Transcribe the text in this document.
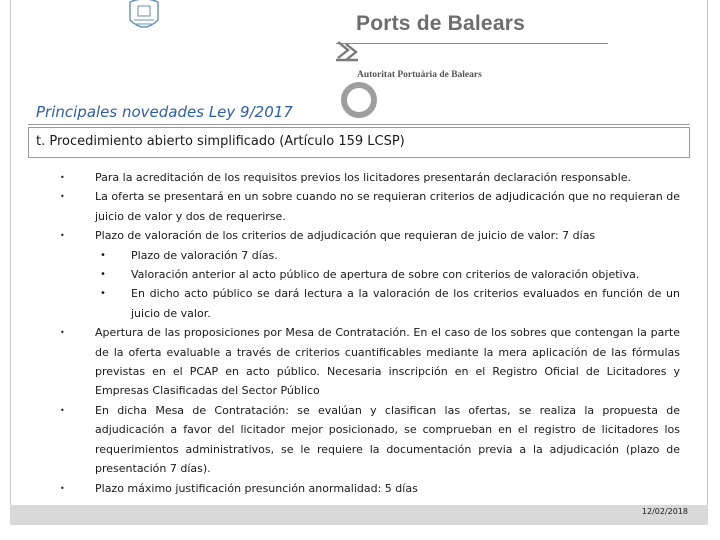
Ports de Balears
Autoritat Portuària de Balears
Principales novedades Ley 9/2017
t. Procedimiento abierto simplificado (Artículo 159 LCSP)
• Para la acreditación de los requisitos previos los licitadores presentarán declaración responsable.
• La oferta se presentará en un sobre cuando no se requieran criterios de adjudicación que no requieran de juicio de valor y dos de requerirse.
• Plazo de valoración de los criterios de adjudicación que requieran de juicio de valor: 7 días
• Plazo de valoración 7 días.
• Valoración anterior al acto público de apertura de sobre con criterios de valoración objetiva.
• En dicho acto público se dará lectura a la valoración de los criterios evaluados en función de un juicio de valor.
• Apertura de las proposiciones por Mesa de Contratación. En el caso de los sobres que contengan la parte de la oferta evaluable a través de criterios cuantificables mediante la mera aplicación de las fórmulas previstas en el PCAP en acto público. Necesaria inscripción en el Registro Oficial de Licitadores y Empresas Clasificadas del Sector Público
• En dicha Mesa de Contratación: se evalúan y clasifican las ofertas, se realiza la propuesta de adjudicación a favor del licitador mejor posicionado, se comprueban en el registro de licitadores los requerimientos administrativos, se le requiere la documentación previa a la adjudicación (plazo de presentación 7 días).
• Plazo máximo justificación presunción anormalidad: 5 días
12/02/2018
